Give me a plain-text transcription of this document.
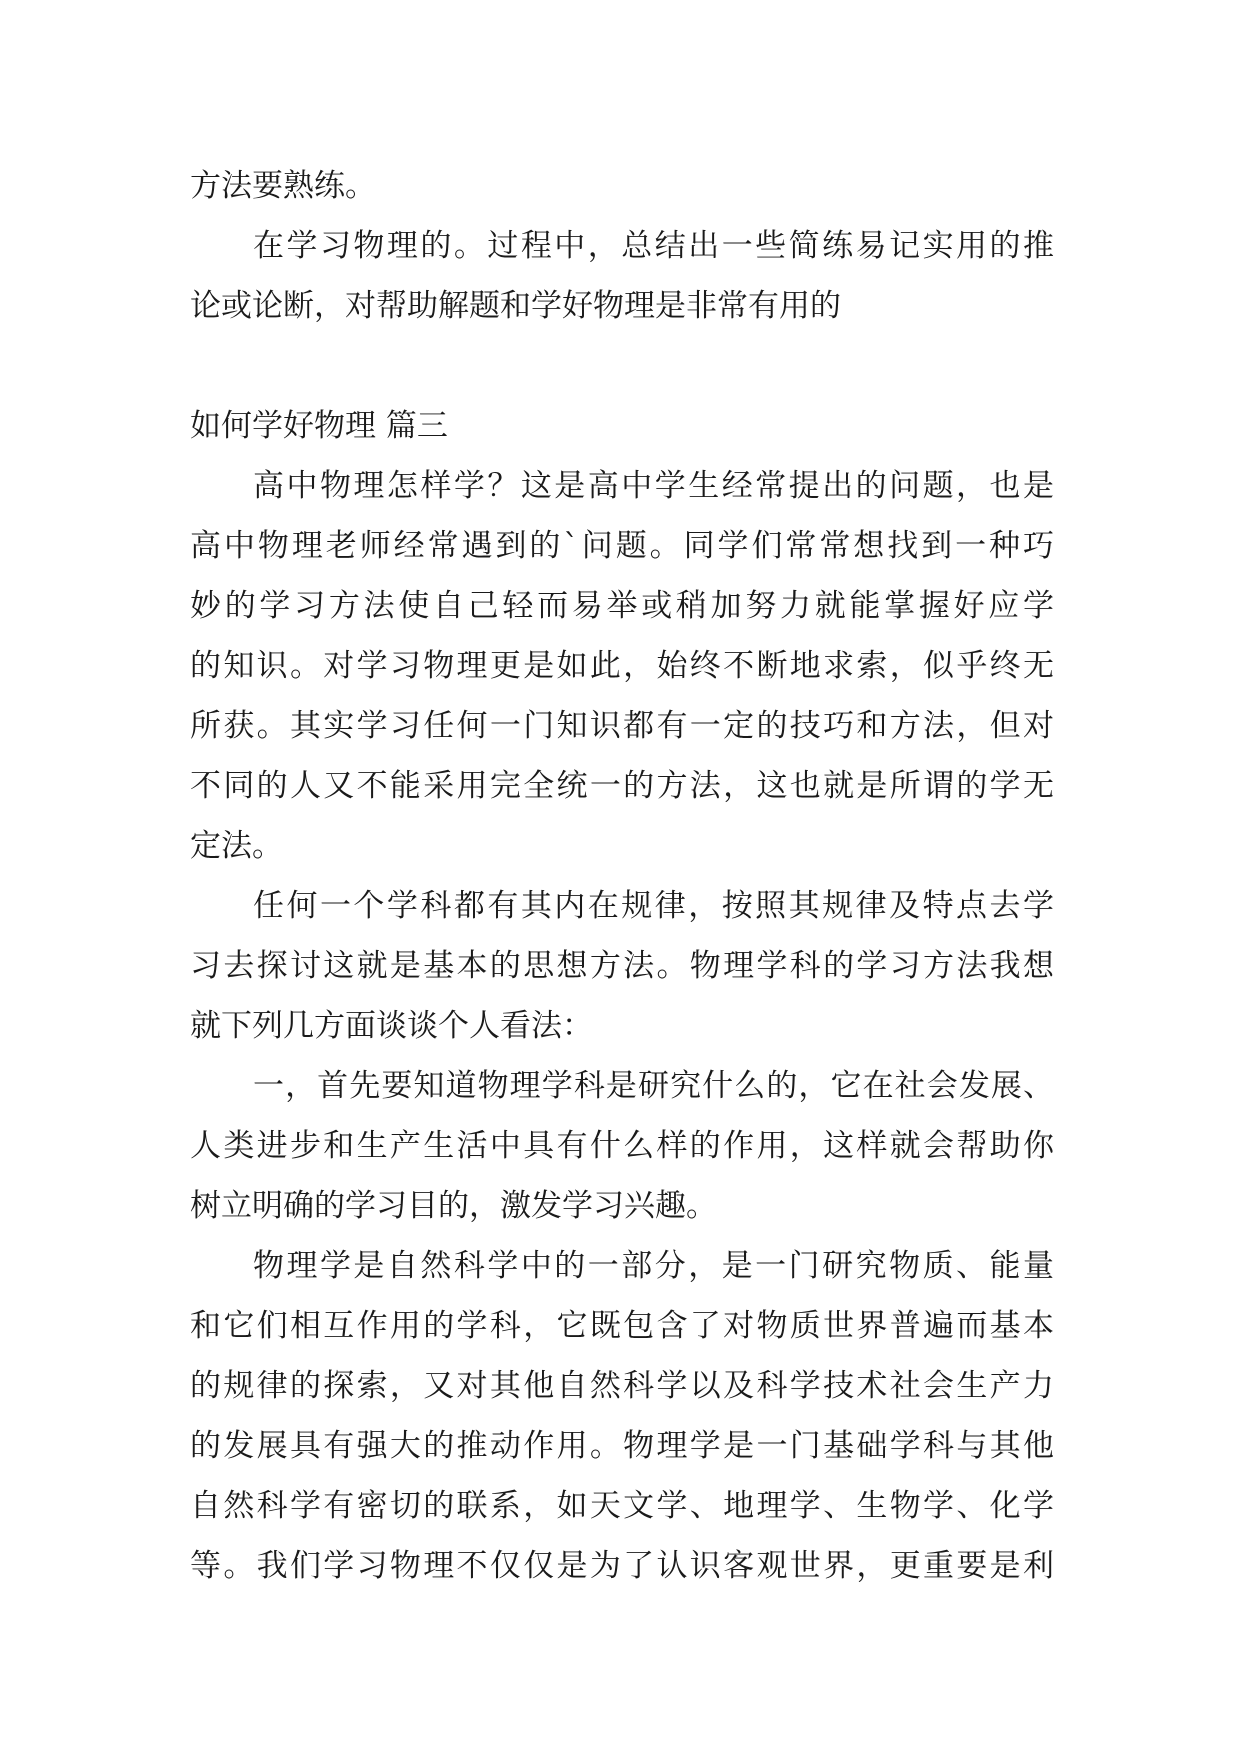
方法要熟练。
在学习物理的。过程中，总结出一些简练易记实用的推
论或论断，对帮助解题和学好物理是非常有用的
如何学好物理 篇三
高中物理怎样学？这是高中学生经常提出的问题，也是
高中物理老师经常遇到的`问题。同学们常常想找到一种巧
妙的学习方法使自己轻而易举或稍加努力就能掌握好应学
的知识。对学习物理更是如此，始终不断地求索，似乎终无
所获。其实学习任何一门知识都有一定的技巧和方法，但对
不同的人又不能采用完全统一的方法，这也就是所谓的学无
定法。
任何一个学科都有其内在规律，按照其规律及特点去学
习去探讨这就是基本的思想方法。物理学科的学习方法我想
就下列几方面谈谈个人看法：
一，首先要知道物理学科是研究什么的，它在社会发展、
人类进步和生产生活中具有什么样的作用，这样就会帮助你
树立明确的学习目的，激发学习兴趣。
物理学是自然科学中的一部分，是一门研究物质、能量
和它们相互作用的学科，它既包含了对物质世界普遍而基本
的规律的探索，又对其他自然科学以及科学技术社会生产力
的发展具有强大的推动作用。物理学是一门基础学科与其他
自然科学有密切的联系，如天文学、地理学、生物学、化学
等。我们学习物理不仅仅是为了认识客观世界，更重要是利
